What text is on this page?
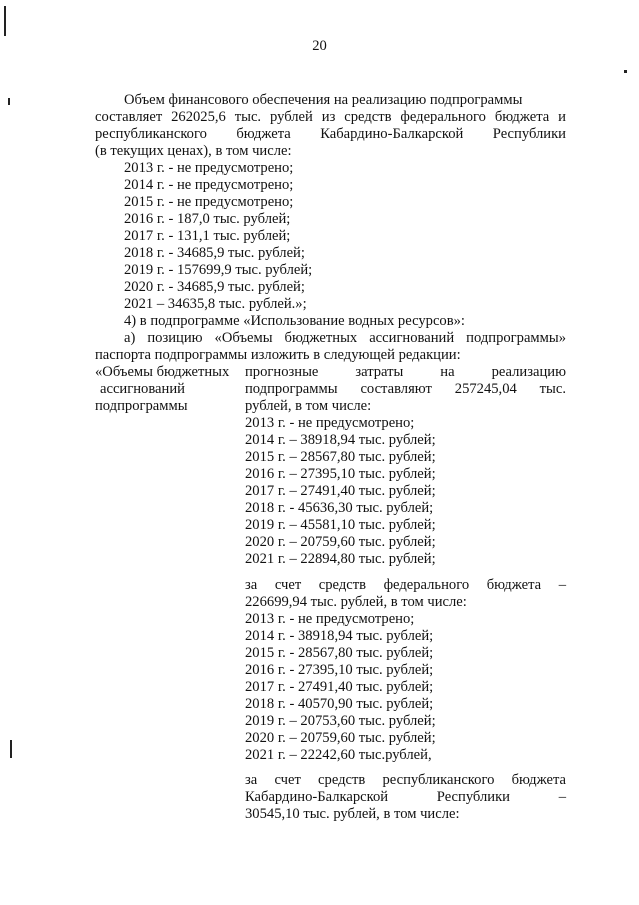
20
Объем финансового обеспечения на реализацию подпрограммы
составляет 262025,6 тыс. рублей из средств федерального бюджета и
республиканского бюджета Кабардино-Балкарской Республики
(в текущих ценах), в том числе:
2013 г. - не предусмотрено;
2014 г. - не предусмотрено;
2015 г. - не предусмотрено;
2016 г. - 187,0 тыс. рублей;
2017 г. - 131,1 тыс. рублей;
2018 г. - 34685,9 тыс. рублей;
2019 г. - 157699,9 тыс. рублей;
2020 г. - 34685,9 тыс. рублей;
2021 – 34635,8 тыс. рублей.»;
4) в подпрограмме «Использование водных ресурсов»:
а) позицию «Объемы бюджетных ассигнований подпрограммы»
паспорта подпрограммы изложить в следующей редакции:
«Объемы бюджетных
ассигнований
подпрограммы
прогнозные затраты на реализацию
подпрограммы составляют 257245,04 тыс.
рублей, в том числе:
2013 г. - не предусмотрено;
2014 г. – 38918,94 тыс. рублей;
2015 г. – 28567,80 тыс. рублей;
2016 г. – 27395,10 тыс. рублей;
2017 г. – 27491,40 тыс. рублей;
2018 г. - 45636,30 тыс. рублей;
2019 г. – 45581,10 тыс. рублей;
2020 г. – 20759,60 тыс. рублей;
2021 г. – 22894,80 тыс. рублей;
за счет средств федерального бюджета –
226699,94 тыс. рублей, в том числе:
2013 г. - не предусмотрено;
2014 г. - 38918,94 тыс. рублей;
2015 г. - 28567,80 тыс. рублей;
2016 г. - 27395,10 тыс. рублей;
2017 г. - 27491,40 тыс. рублей;
2018 г. - 40570,90 тыс. рублей;
2019 г. – 20753,60 тыс. рублей;
2020 г. – 20759,60 тыс. рублей;
2021 г. – 22242,60 тыс.рублей,
за счет средств республиканского бюджета
Кабардино-Балкарской Республики –
30545,10 тыс. рублей, в том числе:
